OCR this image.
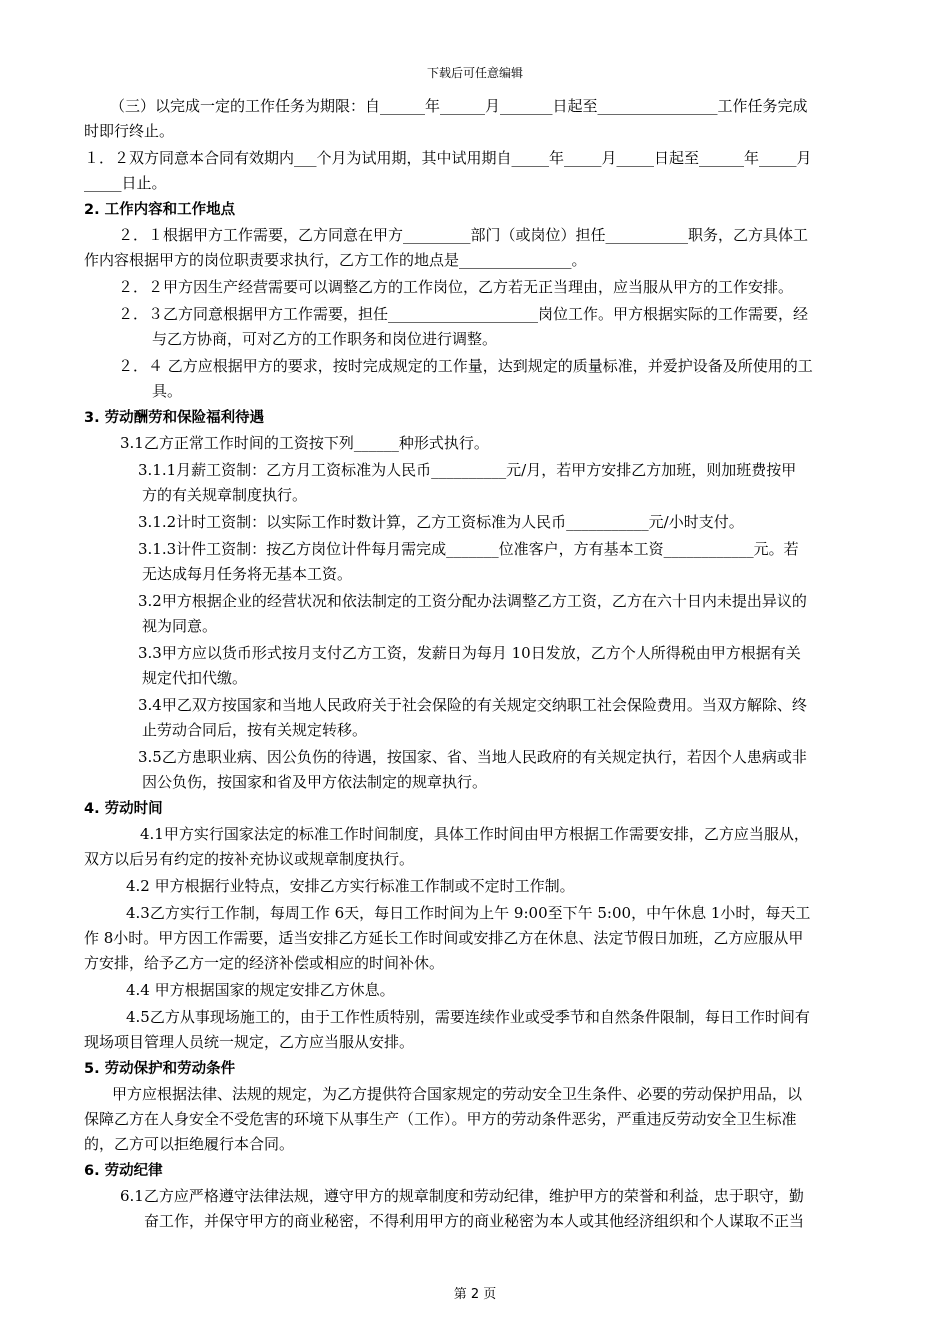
下载后可任意编辑

（三）以完成一定的工作任务为期限：自______年______月_______日起至________________工作任务完成

时即行终止。

１．２双方同意本合同有效期内___个月为试用期，其中试用期自_____年_____月_____日起至______年_____月

_____日止。

2. 工作内容和工作地点

２．１根据甲方工作需要，乙方同意在甲方_________部门（或岗位）担任___________职务，乙方具体工

作内容根据甲方的岗位职责要求执行，乙方工作的地点是_______________。

２．２甲方因生产经营需要可以调整乙方的工作岗位，乙方若无正当理由，应当服从甲方的工作安排。

２．３乙方同意根据甲方工作需要，担任____________________岗位工作。甲方根据实际的工作需要，经

与乙方协商，可对乙方的工作职务和岗位进行调整。

２．４ 乙方应根据甲方的要求，按时完成规定的工作量，达到规定的质量标准，并爱护设备及所使用的工

具。

3. 劳动酬劳和保险福利待遇

3.1乙方正常工作时间的工资按下列______种形式执行。

3.1.1月薪工资制：乙方月工资标准为人民币__________元/月，若甲方安排乙方加班，则加班费按甲

方的有关规章制度执行。

3.1.2计时工资制：以实际工作时数计算，乙方工资标准为人民币___________元/小时支付。

3.1.3计件工资制：按乙方岗位计件每月需完成_______位准客户，方有基本工资____________元。若

无达成每月任务将无基本工资。

3.2甲方根据企业的经营状况和依法制定的工资分配办法调整乙方工资，乙方在六十日内未提出异议的

视为同意。

3.3甲方应以货币形式按月支付乙方工资，发薪日为每月 10日发放，乙方个人所得税由甲方根据有关

规定代扣代缴。

3.4甲乙双方按国家和当地人民政府关于社会保险的有关规定交纳职工社会保险费用。当双方解除、终

止劳动合同后，按有关规定转移。

3.5乙方患职业病、因公负伤的待遇，按国家、省、当地人民政府的有关规定执行，若因个人患病或非

因公负伤，按国家和省及甲方依法制定的规章执行。

4. 劳动时间

4.1甲方实行国家法定的标准工作时间制度，具体工作时间由甲方根据工作需要安排，乙方应当服从，

双方以后另有约定的按补充协议或规章制度执行。

4.2 甲方根据行业特点，安排乙方实行标准工作制或不定时工作制。

4.3乙方实行工作制，每周工作 6天，每日工作时间为上午 9:00至下午 5:00，中午休息 1小时，每天工

作 8小时。甲方因工作需要，适当安排乙方延长工作时间或安排乙方在休息、法定节假日加班，乙方应服从甲

方安排，给予乙方一定的经济补偿或相应的时间补休。

4.4 甲方根据国家的规定安排乙方休息。

4.5乙方从事现场施工的，由于工作性质特别，需要连续作业或受季节和自然条件限制，每日工作时间有

现场项目管理人员统一规定，乙方应当服从安排。

5. 劳动保护和劳动条件

甲方应根据法律、法规的规定，为乙方提供符合国家规定的劳动安全卫生条件、必要的劳动保护用品，以

保障乙方在人身安全不受危害的环境下从事生产（工作）。甲方的劳动条件恶劣，严重违反劳动安全卫生标准

的，乙方可以拒绝履行本合同。

6. 劳动纪律

6.1乙方应严格遵守法律法规，遵守甲方的规章制度和劳动纪律，维护甲方的荣誉和利益，忠于职守，勤

奋工作，并保守甲方的商业秘密，不得利用甲方的商业秘密为本人或其他经济组织和个人谋取不正当

第 2 页
